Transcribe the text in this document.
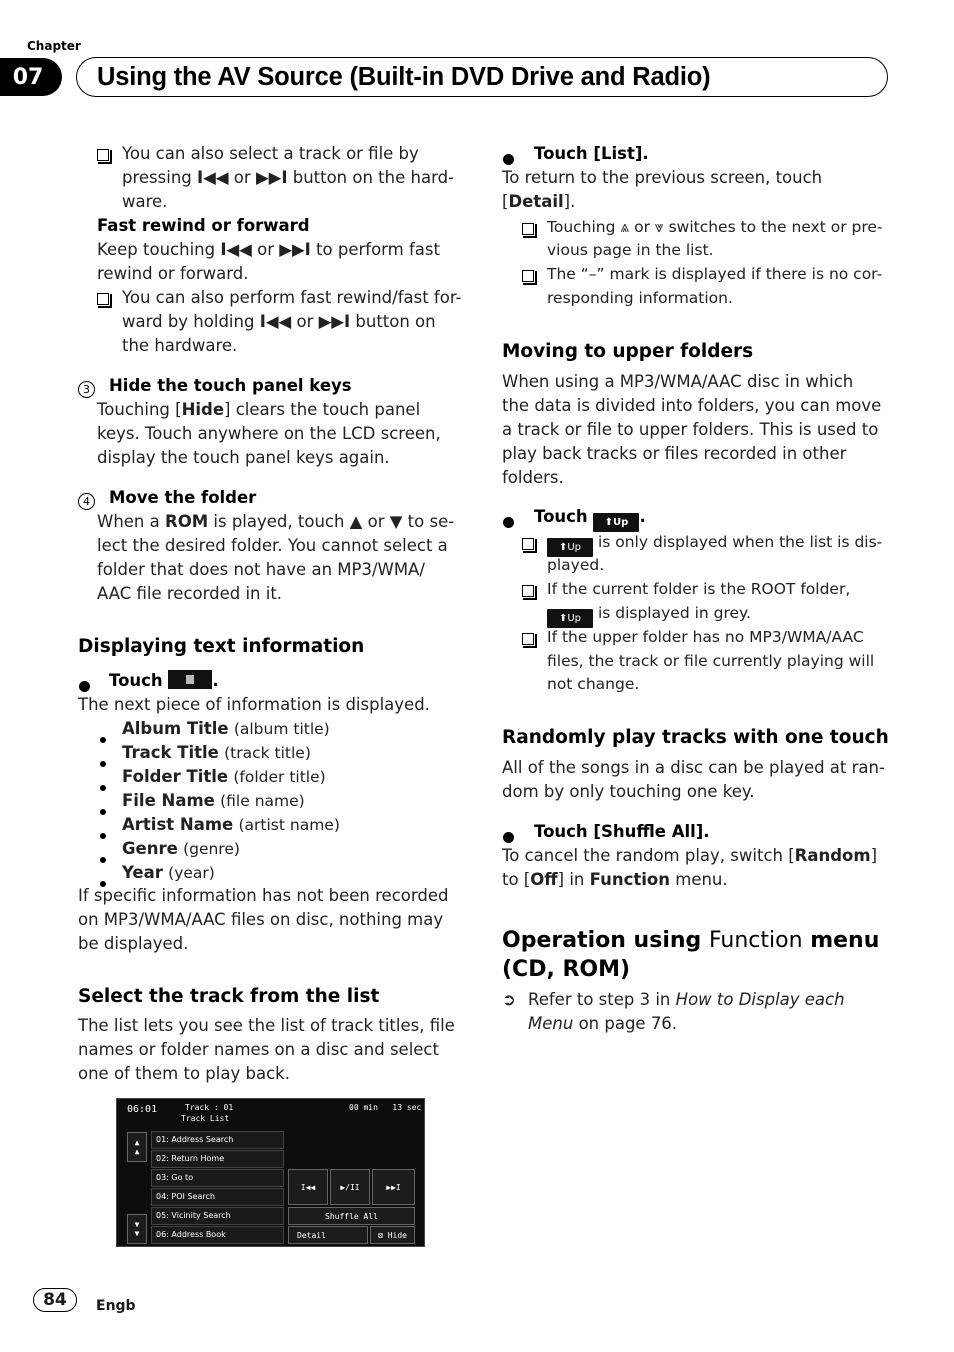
Chapter
07	Using the AV Source (Built-in DVD Drive and Radio)
You can also select a track or file by
pressing I◀◀ or ▶▶I button on the hard-
ware.
Fast rewind or forward
Keep touching I◀◀ or ▶▶I to perform fast
rewind or forward.
You can also perform fast rewind/fast for-
ward by holding I◀◀ or ▶▶I button on
the hardware.
3	Hide the touch panel keys
Touching [Hide] clears the touch panel
keys. Touch anywhere on the LCD screen,
display the touch panel keys again.
4	Move the folder
When a ROM is played, touch ▲ or ▼ to se-
lect the desired folder. You cannot select a
folder that does not have an MP3/WMA/
AAC file recorded in it.
Displaying text information
Touch	.
The next piece of information is displayed.
Album Title (album title)
Track Title (track title)
Folder Title (folder title)
File Name (file name)
Artist Name (artist name)
Genre (genre)
Year (year)
If specific information has not been recorded
on MP3/WMA/AAC files on disc, nothing may
be displayed.
Select the track from the list
The list lets you see the list of track titles, file
names or folder names on a disc and select
one of them to play back.
06:01	Track : 01
Track List
00 min 13 sec
▲
▲
▼
▼
I◀◀	▶/II	▶▶I
Shuffle All
Detail	⊠ Hide
01: Address Search
02: Return Home
03: Go to
04: POI Search
05: Vicinity Search
06: Address Book
Touch [List].
To return to the previous screen, touch
[Detail].
Touching ⩓ or ⩔ switches to the next or pre-
vious page in the list.
The “–” mark is displayed if there is no cor-
responding information.
Moving to upper folders
When using a MP3/WMA/AAC disc in which
the data is divided into folders, you can move
a track or file to upper folders. This is used to
play back tracks or files recorded in other
folders.
Touch ⬆Up .
⬆Up is only displayed when the list is dis-
played.
If the current folder is the ROOT folder,
⬆Up is displayed in grey.
If the upper folder has no MP3/WMA/AAC
files, the track or file currently playing will
not change.
Randomly play tracks with one touch
All of the songs in a disc can be played at ran-
dom by only touching one key.
Touch [Shuffle All].
To cancel the random play, switch [Random]
to [Off] in Function menu.
Operation using Function menu
(CD, ROM)
➲ Refer to step 3 in How to Display each
Menu on page 76.
84	Engb
